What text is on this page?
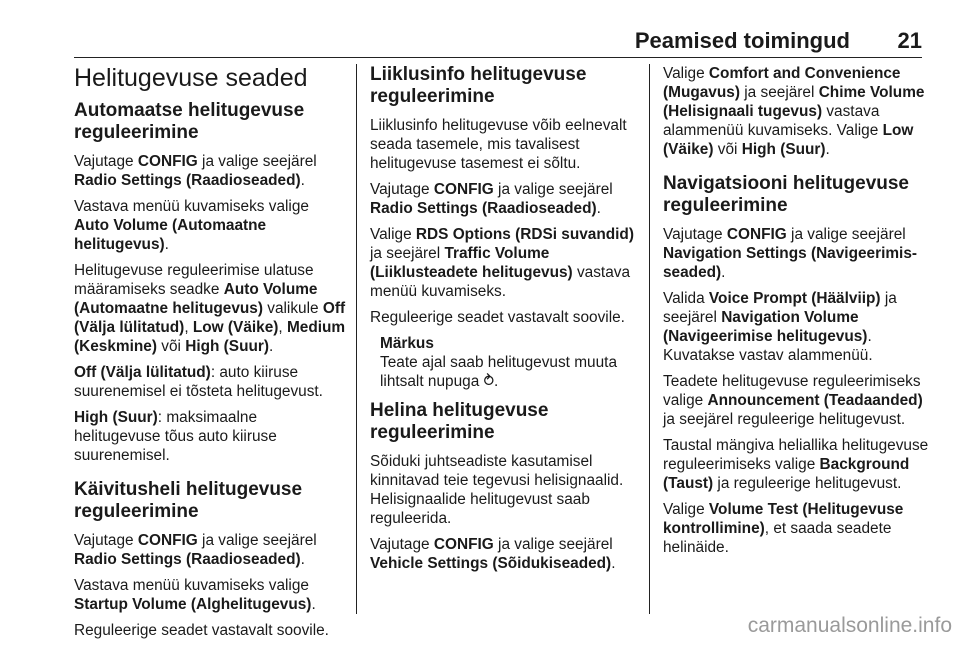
Peamised toimingud 21
Helitugevuse seaded
Automaatse helitugevuse reguleerimine

Vajutage CONFIG ja valige seejärel Radio Settings (Raadioseaded).

Vastava menüü kuvamiseks valige Auto Volume (Automaatne helitugevus).

Helitugevuse reguleerimise ulatuse määramiseks seadke Auto Volume (Automaatne helitugevus) valikule Off (Välja lülitatud), Low (Väike), Medium (Keskmine) või High (Suur).

Off (Välja lülitatud): auto kiiruse suurenemisel ei tõsteta helitugevust.

High (Suur): maksimaalne helitugevuse tõus auto kiiruse suurenemisel.

Käivitusheli helitugevuse reguleerimine

Vajutage CONFIG ja valige seejärel Radio Settings (Raadioseaded).

Vastava menüü kuvamiseks valige Startup Volume (Alghelitugevus).

Reguleerige seadet vastavalt soovile.

Liiklusinfo helitugevuse reguleerimine

Liiklusinfo helitugevuse võib eelnevalt seada tasemele, mis tavalisest helitugevuse tasemest ei sõltu.

Vajutage CONFIG ja valige seejärel Radio Settings (Raadioseaded).

Valige RDS Options (RDSi suvandid) ja seejärel Traffic Volume (Liiklusteadete helitugevus) vastava menüü kuvamiseks.

Reguleerige seadet vastavalt soovile.

Märkus
Teate ajal saab helitugevust muuta lihtsalt nupuga ⥁.

Helina helitugevuse reguleerimine

Sõiduki juhtseadiste kasutamisel kinnitavad teie tegevusi helisignaalid. Helisignaalide helitugevust saab reguleerida.

Vajutage CONFIG ja valige seejärel Vehicle Settings (Sõidukiseaded).

Valige Comfort and Convenience (Mugavus) ja seejärel Chime Volume (Helisignaali tugevus) vastava alammenüü kuvamiseks. Valige Low (Väike) või High (Suur).

Navigatsiooni helitugevuse reguleerimine

Vajutage CONFIG ja valige seejärel Navigation Settings (Navigeerimis-seaded).

Valida Voice Prompt (Häälviip) ja seejärel Navigation Volume (Navigeerimise helitugevus). Kuvatakse vastav alammenüü.

Teadete helitugevuse reguleerimiseks valige Announcement (Teadaanded) ja seejärel reguleerige helitugevust.

Taustal mängiva heliallika helitugevuse reguleerimiseks valige Background (Taust) ja reguleerige helitugevust.

Valige Volume Test (Helitugevuse kontrollimine), et saada seadete helinäide.

carmanualsonline.info
